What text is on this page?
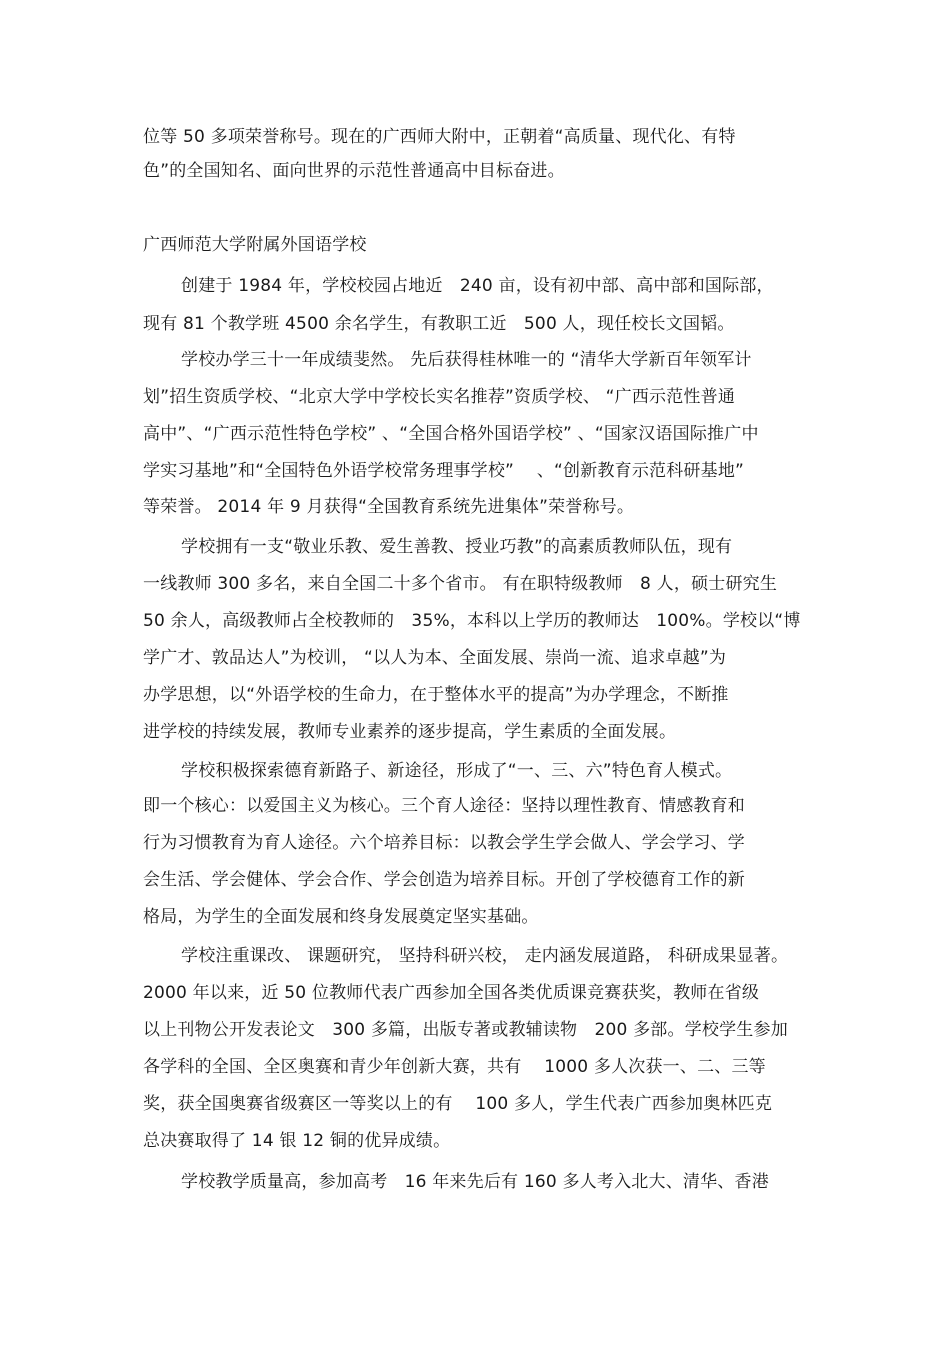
位等 50 多项荣誉称号。现在的广西师大附中，正朝着“高质量、现代化、有特
色”的全国知名、面向世界的示范性普通高中目标奋进。
广西师范大学附属外国语学校
创建于 1984 年，学校校园占地近　240 亩，设有初中部、高中部和国际部，
现有 81 个教学班 4500 余名学生，有教职工近　500 人，现任校长文国韬。
学校办学三十一年成绩斐然。 先后获得桂林唯一的 “清华大学新百年领军计
划”招生资质学校、“北京大学中学校长实名推荐”资质学校、 “广西示范性普通
高中”、“广西示范性特色学校” 、“全国合格外国语学校” 、“国家汉语国际推广中
学实习基地”和“全国特色外语学校常务理事学校”　 、“创新教育示范科研基地”
等荣誉。 2014 年 9 月获得“全国教育系统先进集体”荣誉称号。
学校拥有一支“敬业乐教、爱生善教、授业巧教”的高素质教师队伍，现有
一线教师 300 多名，来自全国二十多个省市。 有在职特级教师　8 人，硕士研究生
50 余人，高级教师占全校教师的　35%，本科以上学历的教师达　100%。学校以“博
学广才、敦品达人”为校训， “以人为本、全面发展、崇尚一流、追求卓越”为
办学思想，以“外语学校的生命力，在于整体水平的提高”为办学理念，不断推
进学校的持续发展，教师专业素养的逐步提高，学生素质的全面发展。
学校积极探索德育新路子、新途径，形成了“一、三、六”特色育人模式。
即一个核心：以爱国主义为核心。三个育人途径：坚持以理性教育、情感教育和
行为习惯教育为育人途径。六个培养目标：以教会学生学会做人、学会学习、学
会生活、学会健体、学会合作、学会创造为培养目标。开创了学校德育工作的新
格局，为学生的全面发展和终身发展奠定坚实基础。
学校注重课改、 课题研究， 坚持科研兴校， 走内涵发展道路， 科研成果显著。
2000 年以来，近 50 位教师代表广西参加全国各类优质课竞赛获奖，教师在省级
以上刊物公开发表论文　300 多篇，出版专著或教辅读物　200 多部。学校学生参加
各学科的全国、全区奥赛和青少年创新大赛，共有　 1000 多人次获一、二、三等
奖，获全国奥赛省级赛区一等奖以上的有　 100 多人，学生代表广西参加奥林匹克
总决赛取得了 14 银 12 铜的优异成绩。
学校教学质量高，参加高考　16 年来先后有 160 多人考入北大、清华、香港
